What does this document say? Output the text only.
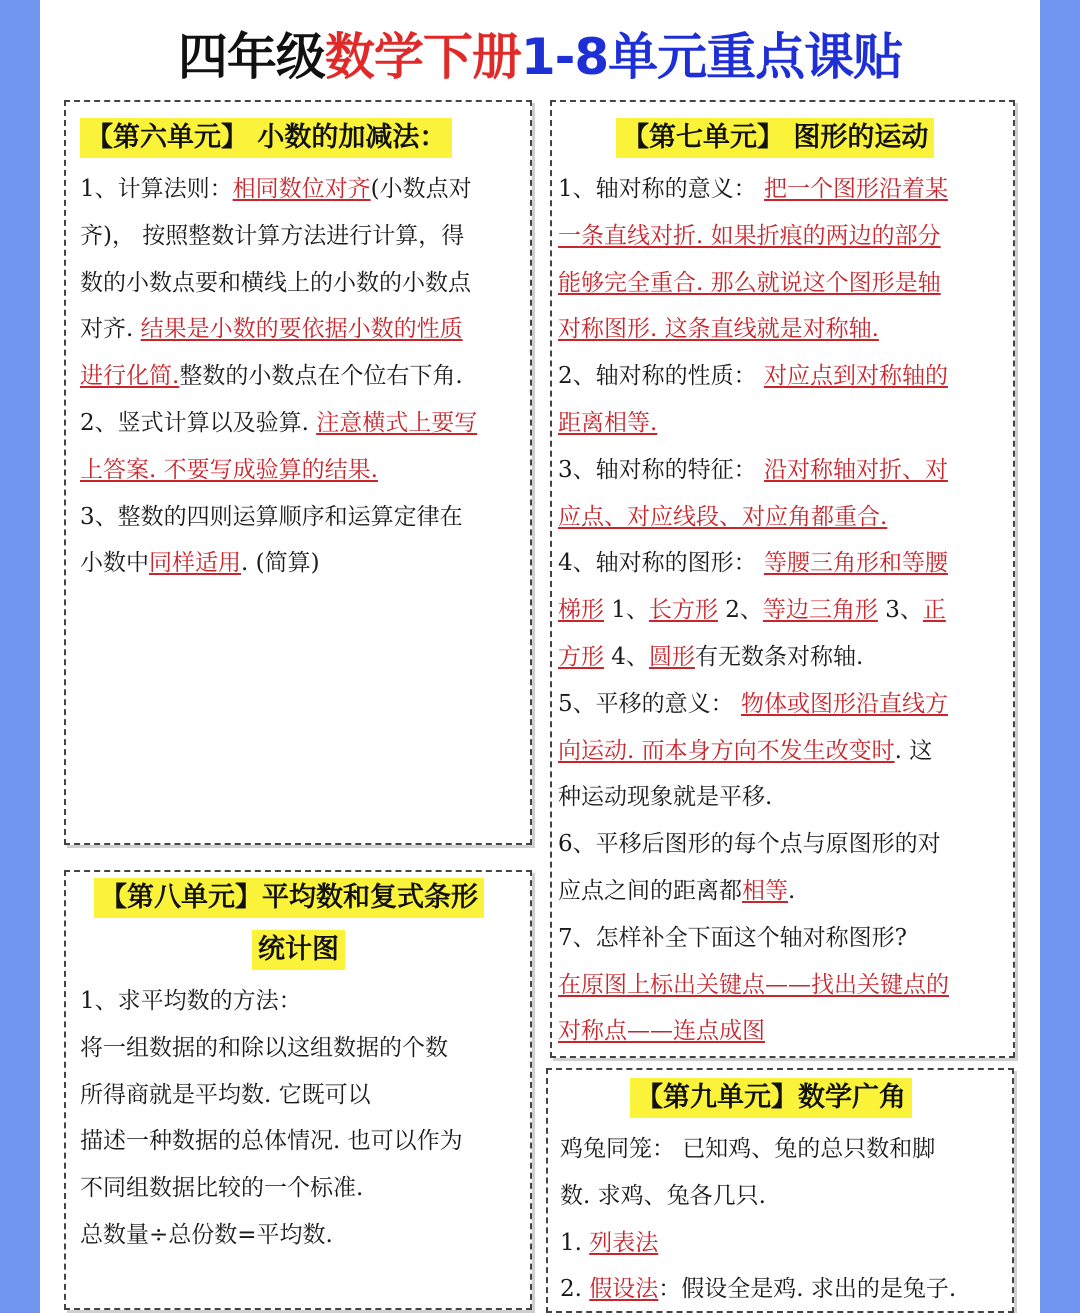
四年级数学下册1-8单元重点课贴
【第六单元】 小数的加减法：
1、计算法则：相同数位对齐(小数点对
齐)， 按照整数计算方法进行计算，得
数的小数点要和横线上的小数的小数点
对齐. 结果是小数的要依据小数的性质
进行化简.整数的小数点在个位右下角.
2、竖式计算以及验算. 注意横式上要写
上答案. 不要写成验算的结果.
3、整数的四则运算顺序和运算定律在
小数中同样适用. (简算)
【第七单元】 图形的运动
1、轴对称的意义： 把一个图形沿着某
一条直线对折. 如果折痕的两边的部分
能够完全重合. 那么就说这个图形是轴
对称图形. 这条直线就是对称轴.
2、轴对称的性质： 对应点到对称轴的
距离相等.
3、轴对称的特征： 沿对称轴对折、对
应点、对应线段、对应角都重合.
4、轴对称的图形： 等腰三角形和等腰
梯形 1、长方形 2、等边三角形 3、正
方形 4、圆形有无数条对称轴.
5、平移的意义： 物体或图形沿直线方
向运动. 而本身方向不发生改变时. 这
种运动现象就是平移.
6、平移后图形的每个点与原图形的对
应点之间的距离都相等.
7、怎样补全下面这个轴对称图形?
在原图上标出关键点——找出关键点的
对称点——连点成图
【第八单元】平均数和复式条形
统计图
1、求平均数的方法：
将一组数据的和除以这组数据的个数
所得商就是平均数. 它既可以
描述一种数据的总体情况. 也可以作为
不同组数据比较的一个标准.
总数量÷总份数=平均数.
【第九单元】数学广角
鸡兔同笼： 已知鸡、兔的总只数和脚
数. 求鸡、兔各几只.
1. 列表法
2. 假设法：假设全是鸡. 求出的是兔子.
